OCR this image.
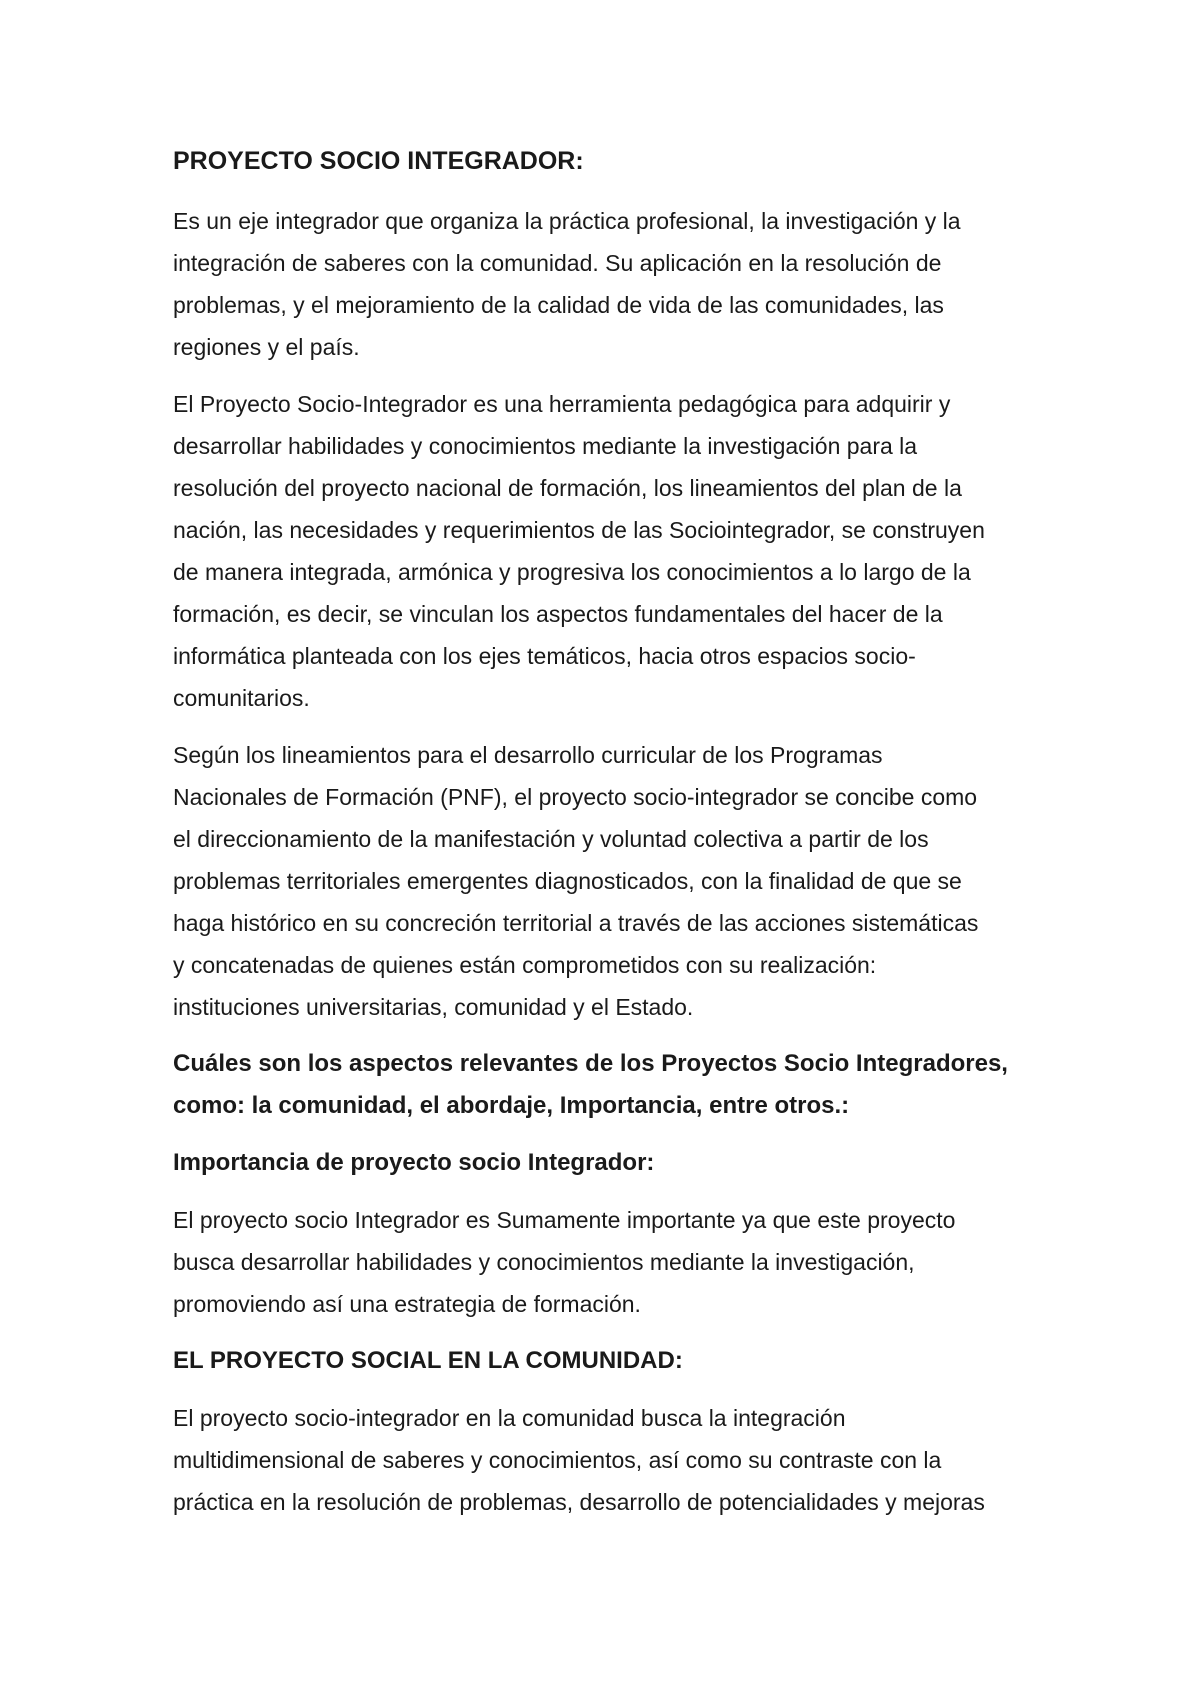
PROYECTO SOCIO INTEGRADOR:

Es un eje integrador que organiza la práctica profesional, la investigación y la
integración de saberes con la comunidad. Su aplicación en la resolución de
problemas, y el mejoramiento de la calidad de vida de las comunidades, las
regiones y el país.

El Proyecto Socio-Integrador es una herramienta pedagógica para adquirir y
desarrollar habilidades y conocimientos mediante la investigación para la
resolución del proyecto nacional de formación, los lineamientos del plan de la
nación, las necesidades y requerimientos de las Sociointegrador, se construyen
de manera integrada, armónica y progresiva los conocimientos a lo largo de la
formación, es decir, se vinculan los aspectos fundamentales del hacer de la
informática planteada con los ejes temáticos, hacia otros espacios socio-
comunitarios.

Según los lineamientos para el desarrollo curricular de los Programas
Nacionales de Formación (PNF), el proyecto socio-integrador se concibe como
el direccionamiento de la manifestación y voluntad colectiva a partir de los
problemas territoriales emergentes diagnosticados, con la finalidad de que se
haga histórico en su concreción territorial a través de las acciones sistemáticas
y concatenadas de quienes están comprometidos con su realización:
instituciones universitarias, comunidad y el Estado.

Cuáles son los aspectos relevantes de los Proyectos Socio Integradores,
como: la comunidad, el abordaje, Importancia, entre otros.:

Importancia de proyecto socio Integrador:

El proyecto socio Integrador es Sumamente importante ya que este proyecto
busca desarrollar habilidades y conocimientos mediante la investigación,
promoviendo así una estrategia de formación.

EL PROYECTO SOCIAL EN LA COMUNIDAD:

El proyecto socio-integrador en la comunidad busca la integración
multidimensional de saberes y conocimientos, así como su contraste con la
práctica en la resolución de problemas, desarrollo de potencialidades y mejoras
